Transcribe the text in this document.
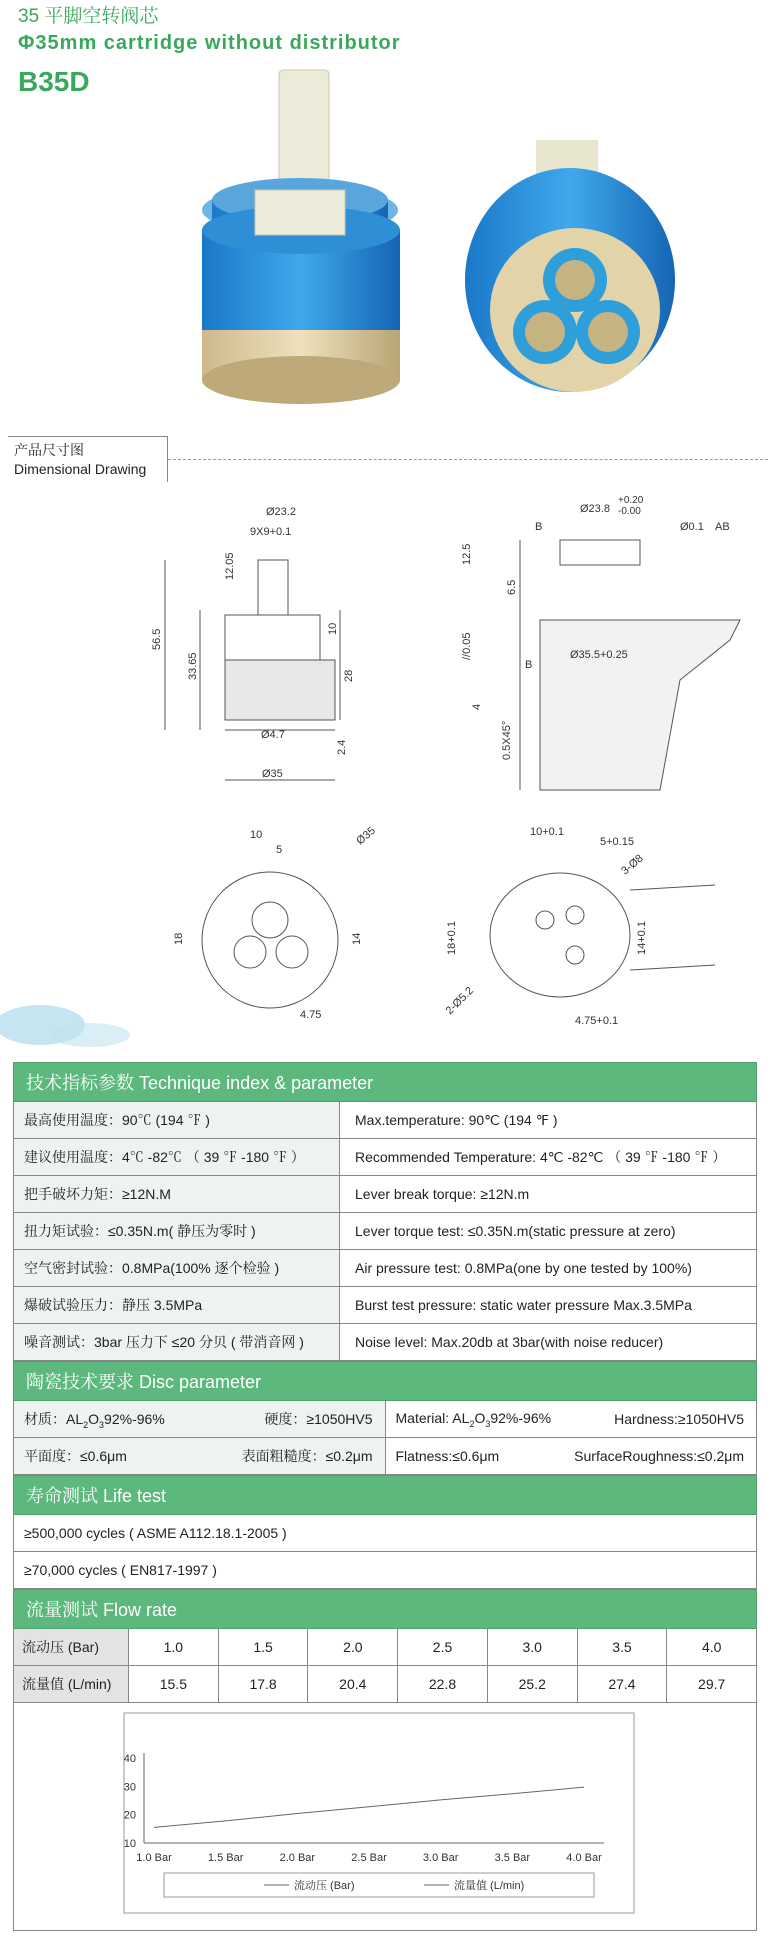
35 平脚空转阀芯

Φ35mm cartridge without distributor

B35D
产品尺寸图
Dimensional Drawing
Ø23.2
9X9+0.1
12.05
56.5
33.65
10
28
Ø4.7
2.4
Ø35
Ø23.8
+0.20
-0.00
B	Ø0.1 AB
12.5
6.5
//0.05	Ø35.5+0.25
B
4
0.5X45°
10
5
Ø35
18	14
4.75
10+0.1
5+0.15
3-Ø8
18+0.1	14+0.1
2-Ø5.2
4.75+0.1
技术指标参数 Technique index & parameter
最高使用温度：90℃ (194 ℉ )	Max.temperature: 90℃ (194 ℉ )
建议使用温度：4℃ -82℃ （ 39 ℉ -180 ℉ ）	Recommended Temperature: 4℃ -82℃ （ 39 ℉ -180 ℉ ）
把手破坏力矩：≥12N.M	Lever break torque: ≥12N.m
扭力矩试验：≤0.35N.m( 静压为零时 )	Lever torque test: ≤0.35N.m(static pressure at zero)
空气密封试验：0.8MPa(100% 逐个检验 )	Air pressure test: 0.8MPa(one by one tested by 100%)
爆破试验压力：静压 3.5MPa	Burst test pressure: static water pressure Max.3.5MPa
噪音测试：3bar 压力下 ≤20 分贝 ( 带消音网 )	Noise level: Max.20db at 3bar(with noise reducer)
陶瓷技术要求 Disc parameter
材质：$AL_2O_392\%-96\%$	硬度：≥1050HV5 Material: $AL_2O_392\%-96\%$	Hardness:≥1050HV5
平面度：≤0.6μm	表面粗糙度：≤0.2μm Flatness:≤0.6μm	SurfaceRoughness:≤0.2μm
寿命测试 Life test
≥500,000 cycles ( ASME A112.18.1-2005 )
≥70,000 cycles ( EN817-1997 )
流量测试 Flow rate
流动压 (Bar)	1.0	1.5	2.0	2.5	3.0	3.5	4.0
流量值 (L/min)	15.5	17.8	20.4	22.8	25.2	27.4	29.7
10
20
30
40
1.0 Bar	1.5 Bar	2.0 Bar	2.5 Bar	3.0 Bar	3.5 Bar	4.0 Bar
流动压 (Bar)	流量值 (L/min)
